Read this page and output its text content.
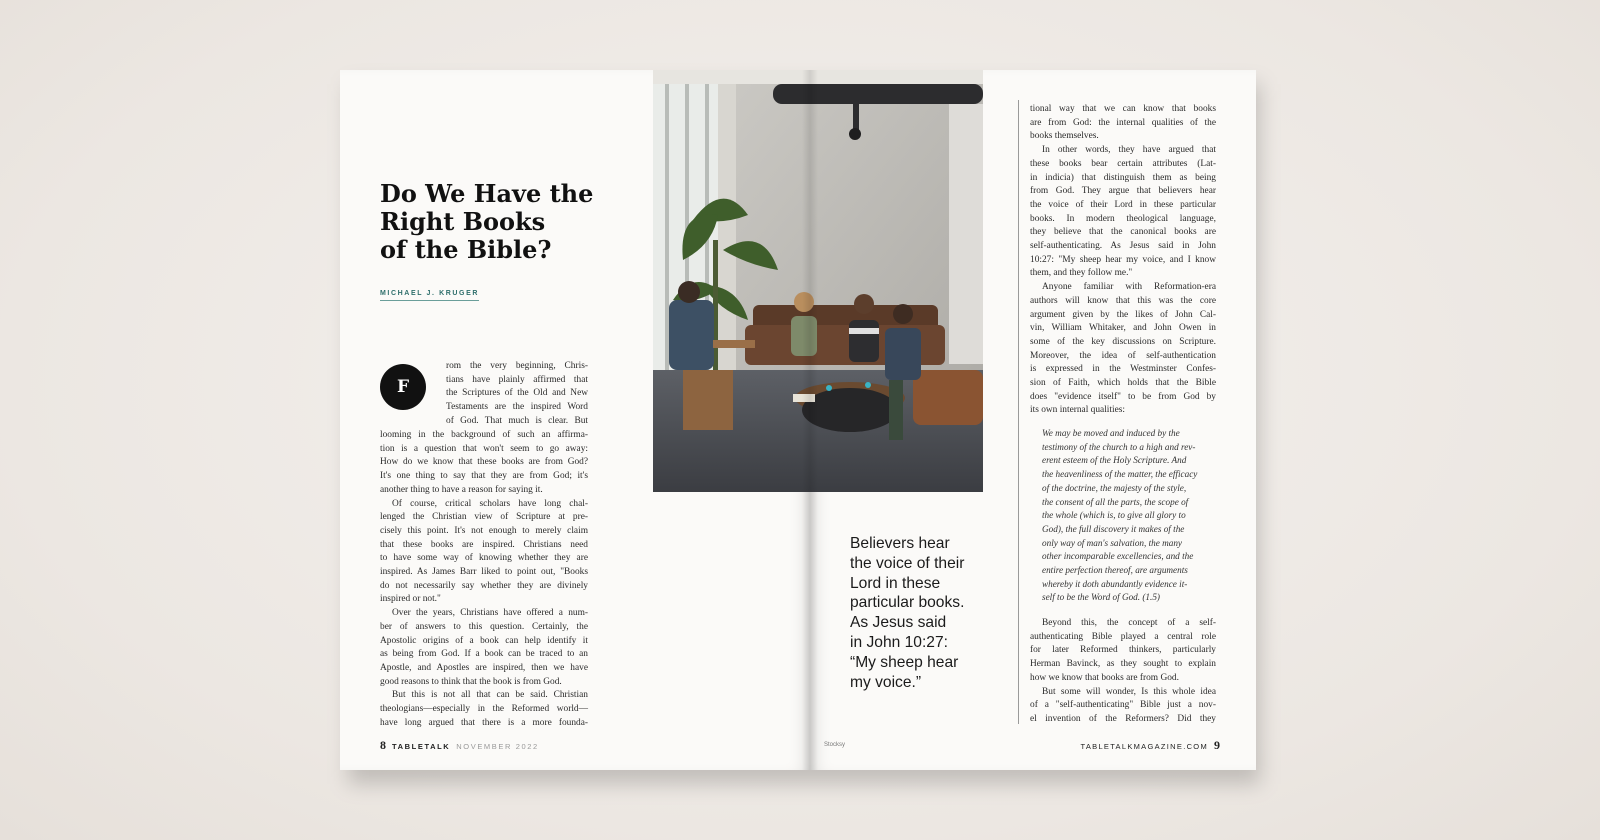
Do We Have the
Right Books
of the Bible?
MICHAEL J. KRUGER
F
rom the very beginning, Chris-
tians have plainly affirmed that
the Scriptures of the Old and New
Testaments are the inspired Word
of God. That much is clear. But
looming in the background of such an affirma-
tion is a question that won't seem to go away:
How do we know that these books are from God?
It's one thing to say that they are from God; it's
another thing to have a reason for saying it.
Of course, critical scholars have long chal-
lenged the Christian view of Scripture at pre-
cisely this point. It's not enough to merely claim
that these books are inspired. Christians need
to have some way of knowing whether they are
inspired. As James Barr liked to point out, "Books
do not necessarily say whether they are divinely
inspired or not."
Over the years, Christians have offered a num-
ber of answers to this question. Certainly, the
Apostolic origins of a book can help identify it
as being from God. If a book can be traced to an
Apostle, and Apostles are inspired, then we have
good reasons to think that the book is from God.
But this is not all that can be said. Christian
theologians—especially in the Reformed world—
have long argued that there is a more founda-
Believers hear
the voice of their
Lord in these
particular books.
As Jesus said
in John 10:27:
“My sheep hear
my voice.”
tional way that we can know that books
are from God: the internal qualities of the
books themselves.
In other words, they have argued that
these books bear certain attributes (Lat-
in indicia) that distinguish them as being
from God. They argue that believers hear
the voice of their Lord in these particular
books. In modern theological language,
they believe that the canonical books are
self-authenticating. As Jesus said in John
10:27: "My sheep hear my voice, and I know
them, and they follow me."
Anyone familiar with Reformation-era
authors will know that this was the core
argument given by the likes of John Cal-
vin, William Whitaker, and John Owen in
some of the key discussions on Scripture.
Moreover, the idea of self-authentication
is expressed in the Westminster Confes-
sion of Faith, which holds that the Bible
does "evidence itself" to be from God by
its own internal qualities:
We may be moved and induced by the
testimony of the church to a high and rev-
erent esteem of the Holy Scripture. And
the heavenliness of the matter, the efficacy
of the doctrine, the majesty of the style,
the consent of all the parts, the scope of
the whole (which is, to give all glory to
God), the full discovery it makes of the
only way of man's salvation, the many
other incomparable excellencies, and the
entire perfection thereof, are arguments
whereby it doth abundantly evidence it-
self to be the Word of God. (1.5)
Beyond this, the concept of a self-
authenticating Bible played a central role
for later Reformed thinkers, particularly
Herman Bavinck, as they sought to explain
how we know that books are from God.
But some will wonder, Is this whole idea
of a "self-authenticating" Bible just a nov-
el invention of the Reformers? Did they
8 TABLETALK NOVEMBER 2022	Stocksy	TABLETALKMAGAZINE.COM 9
